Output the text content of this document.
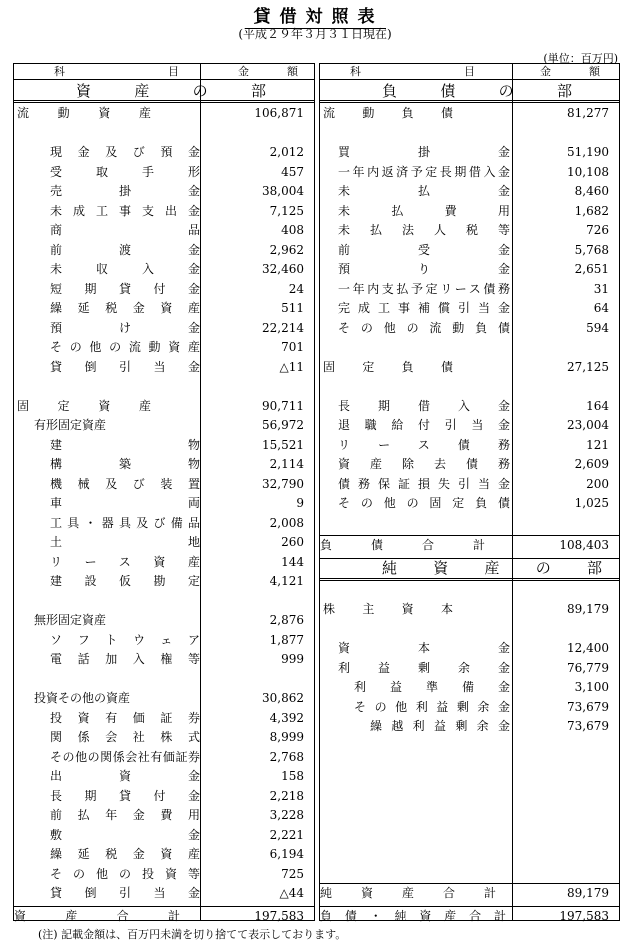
貸借対照表
(平成２９年３月３１日現在)
(単位：百万円)
科　　　　目	金　額
資産の部
流動資産	106,871
現金及び預金	2,012
受取手形	457
売掛金	38,004
未成工事支出金	7,125
商品	408
前渡金	2,962
未収入金	32,460
短期貸付金	24
繰延税金資産	511
預け金	22,214
その他の流動資産	701
貸倒引当金	△11
固定資産	90,711
有形固定資産	56,972
建物	15,521
構築物	2,114
機械及び装置	32,790
車両	9
工具・器具及び備品	2,008
土地	260
リース資産	144
建設仮勘定	4,121
無形固定資産	2,876
ソフトウェア	1,877
電話加入権等	999
投資その他の資産	30,862
投資有価証券	4,392
関係会社株式	8,999
その他の関係会社有価証券	2,768
出資金	158
長期貸付金	2,218
前払年金費用	3,228
敷金	2,221
繰延税金資産	6,194
その他の投資等	725
貸倒引当金	△44
資産合計	197,583
科　　　　目	金　額
負債の部
流動負債	81,277
買掛金	51,190
一年内返済予定長期借入金	10,108
未払金	8,460
未払費用	1,682
未払法人税等	726
前受金	5,768
預り金	2,651
一年内支払予定リース債務	31
完成工事補償引当金	64
その他の流動負債	594
固定負債	27,125
長期借入金	164
退職給付引当金	23,004
リース債務	121
資産除去債務	2,609
債務保証損失引当金	200
その他の固定負債	1,025
負債合計	108,403
純資産の部
株主資本	89,179
資本金	12,400
利益剰余金	76,779
利益準備金	3,100
その他利益剰余金	73,679
繰越利益剰余金	73,679
純資産合計	89,179
負債・純資産合計	197,583
(注) 記載金額は、百万円未満を切り捨てて表示しております。
